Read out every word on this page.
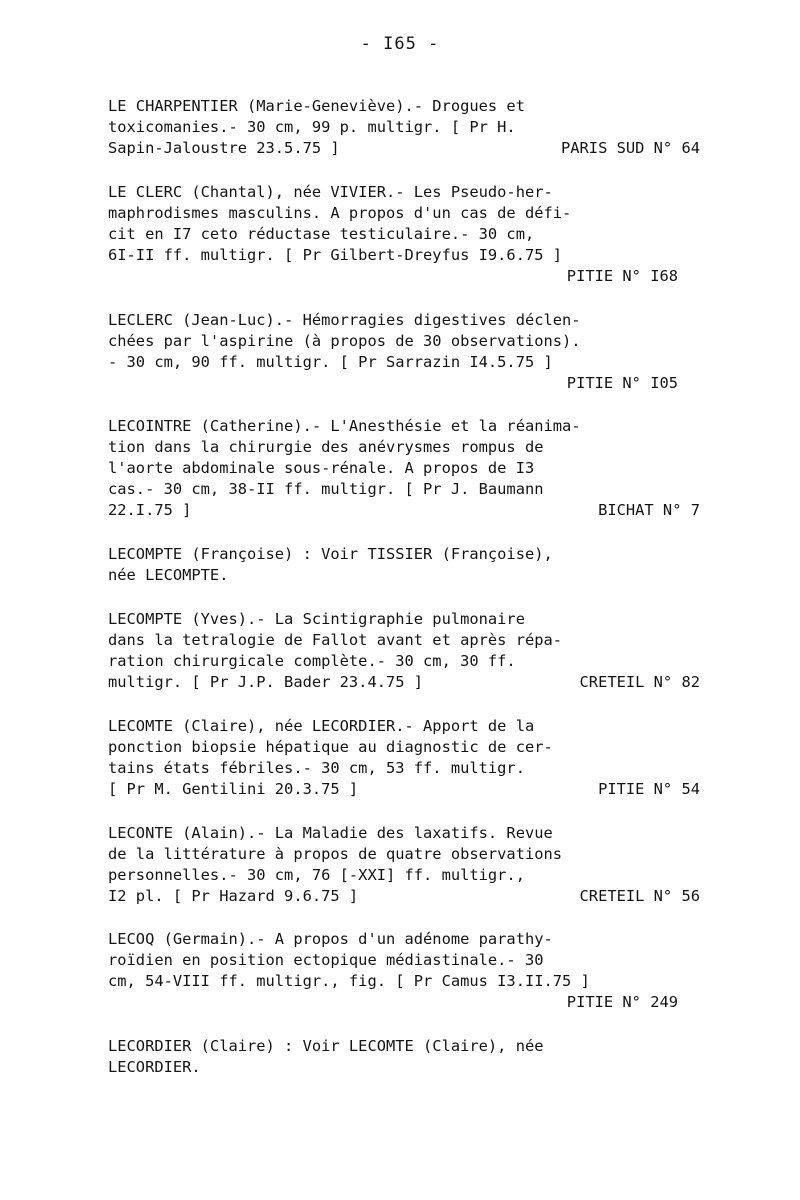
- I65 -
LE CHARPENTIER (Marie-Geneviève).- Drogues et
toxicomanies.- 30 cm, 99 p. multigr. [ Pr H.
Sapin-Jaloustre 23.5.75 ]	PARIS SUD N° 64
LE CLERC (Chantal), née VIVIER.- Les Pseudo-her-
maphrodismes masculins. A propos d'un cas de défi-
cit en I7 ceto réductase testiculaire.- 30 cm,
6I-II ff. multigr. [ Pr Gilbert-Dreyfus I9.6.75 ]
PITIE N° I68
LECLERC (Jean-Luc).- Hémorragies digestives déclen-
chées par l'aspirine (à propos de 30 observations).
- 30 cm, 90 ff. multigr. [ Pr Sarrazin I4.5.75 ]
PITIE N° I05
LECOINTRE (Catherine).- L'Anesthésie et la réanima-
tion dans la chirurgie des anévrysmes rompus de
l'aorte abdominale sous-rénale. A propos de I3
cas.- 30 cm, 38-II ff. multigr. [ Pr J. Baumann
22.I.75 ]	BICHAT N° 7
LECOMPTE (Françoise) : Voir TISSIER (Françoise),
née LECOMPTE.
LECOMPTE (Yves).- La Scintigraphie pulmonaire
dans la tetralogie de Fallot avant et après répa-
ration chirurgicale complète.- 30 cm, 30 ff.
multigr. [ Pr J.P. Bader 23.4.75 ]	CRETEIL N° 82
LECOMTE (Claire), née LECORDIER.- Apport de la
ponction biopsie hépatique au diagnostic de cer-
tains états fébriles.- 30 cm, 53 ff. multigr.
[ Pr M. Gentilini 20.3.75 ]	PITIE N° 54
LECONTE (Alain).- La Maladie des laxatifs. Revue
de la littérature à propos de quatre observations
personnelles.- 30 cm, 76 [-XXI] ff. multigr.,
I2 pl. [ Pr Hazard 9.6.75 ]	CRETEIL N° 56
LECOQ (Germain).- A propos d'un adénome parathy-
roïdien en position ectopique médiastinale.- 30
cm, 54-VIII ff. multigr., fig. [ Pr Camus I3.II.75 ]
PITIE N° 249
LECORDIER (Claire) : Voir LECOMTE (Claire), née
LECORDIER.
